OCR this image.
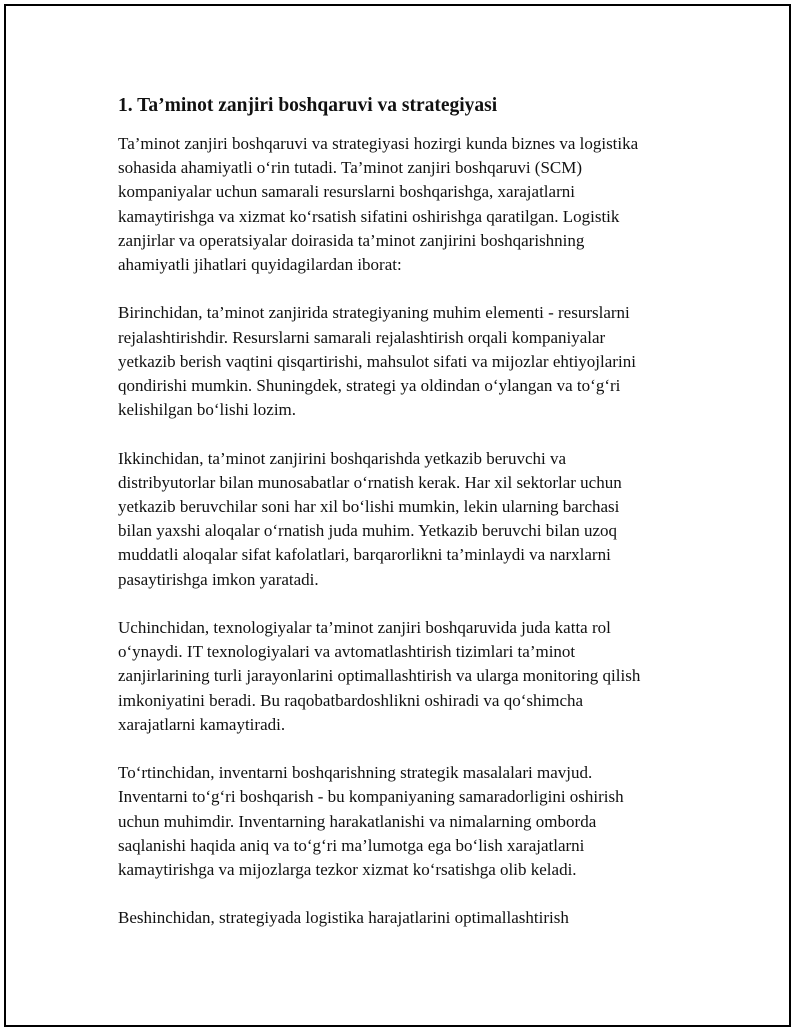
1. Ta’minot zanjiri boshqaruvi va strategiyasi
Ta’minot zanjiri boshqaruvi va strategiyasi hozirgi kunda biznes va logistika
sohasida ahamiyatli o‘rin tutadi. Ta’minot zanjiri boshqaruvi (SCM)
kompaniyalar uchun samarali resurslarni boshqarishga, xarajatlarni
kamaytirishga va xizmat ko‘rsatish sifatini oshirishga qaratilgan. Logistik
zanjirlar va operatsiyalar doirasida ta’minot zanjirini boshqarishning
ahamiyatli jihatlari quyidagilardan iborat:
Birinchidan, ta’minot zanjirida strategiyaning muhim elementi - resurslarni
rejalashtirishdir. Resurslarni samarali rejalashtirish orqali kompaniyalar
yetkazib berish vaqtini qisqartirishi, mahsulot sifati va mijozlar ehtiyojlarini
qondirishi mumkin. Shuningdek, strategi ya oldindan o‘ylangan va to‘g‘ri
kelishilgan bo‘lishi lozim.
Ikkinchidan, ta’minot zanjirini boshqarishda yetkazib beruvchi va
distribyutorlar bilan munosabatlar o‘rnatish kerak. Har xil sektorlar uchun
yetkazib beruvchilar soni har xil bo‘lishi mumkin, lekin ularning barchasi
bilan yaxshi aloqalar o‘rnatish juda muhim. Yetkazib beruvchi bilan uzoq
muddatli aloqalar sifat kafolatlari, barqarorlikni ta’minlaydi va narxlarni
pasaytirishga imkon yaratadi.
Uchinchidan, texnologiyalar ta’minot zanjiri boshqaruvida juda katta rol
o‘ynaydi. IT texnologiyalari va avtomatlashtirish tizimlari ta’minot
zanjirlarining turli jarayonlarini optimallashtirish va ularga monitoring qilish
imkoniyatini beradi. Bu raqobatbardoshlikni oshiradi va qo‘shimcha
xarajatlarni kamaytiradi.
To‘rtinchidan, inventarni boshqarishning strategik masalalari mavjud.
Inventarni to‘g‘ri boshqarish - bu kompaniyaning samaradorligini oshirish
uchun muhimdir. Inventarning harakatlanishi va nimalarning omborda
saqlanishi haqida aniq va to‘g‘ri ma’lumotga ega bo‘lish xarajatlarni
kamaytirishga va mijozlarga tezkor xizmat ko‘rsatishga olib keladi.
Beshinchidan, strategiyada logistika harajatlarini optimallashtirish
